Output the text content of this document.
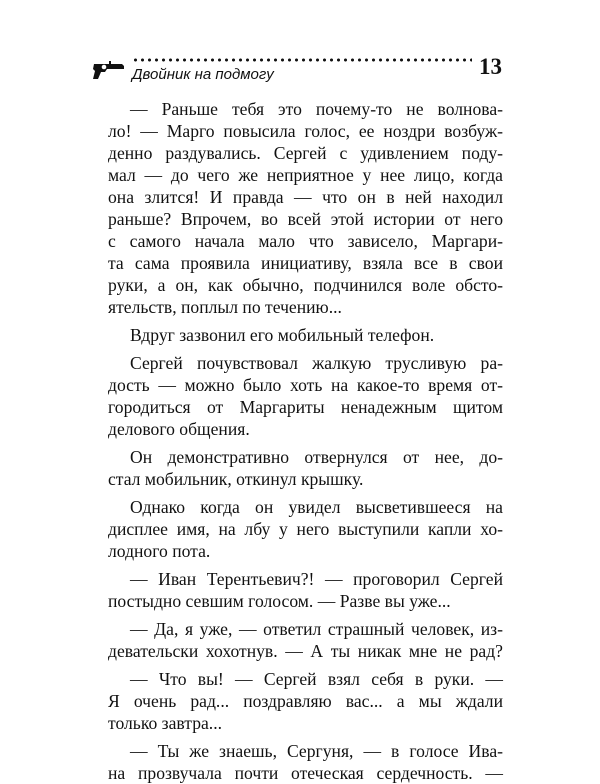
Двойник на подмогу	13
— Раньше тебя это почему-то не волнова-
ло! — Марго повысила голос, ее ноздри возбуж-
денно раздувались. Сергей с удивлением поду-
мал — до чего же неприятное у нее лицо, когда
она злится! И правда — что он в ней находил
раньше? Впрочем, во всей этой истории от него
с самого начала мало что зависело, Маргари-
та сама проявила инициативу, взяла все в свои
руки, а он, как обычно, подчинился воле обсто-
ятельств, поплыл по течению...
Вдруг зазвонил его мобильный телефон.
Сергей почувствовал жалкую трусливую ра-
дость — можно было хоть на какое-то время от-
городиться от Маргариты ненадежным щитом
делового общения.
Он демонстративно отвернулся от нее, до-
стал мобильник, откинул крышку.
Однако когда он увидел высветившееся на
дисплее имя, на лбу у него выступили капли хо-
лодного пота.
— Иван Терентьевич?! — проговорил Сергей
постыдно севшим голосом. — Разве вы уже...
— Да, я уже, — ответил страшный человек, из-
девательски хохотнув. — А ты никак мне не рад?
— Что вы! — Сергей взял себя в руки. —
Я очень рад... поздравляю вас... а мы ждали
только завтра...
— Ты же знаешь, Сергуня, — в голосе Ива-
на прозвучала почти отеческая сердечность. —
